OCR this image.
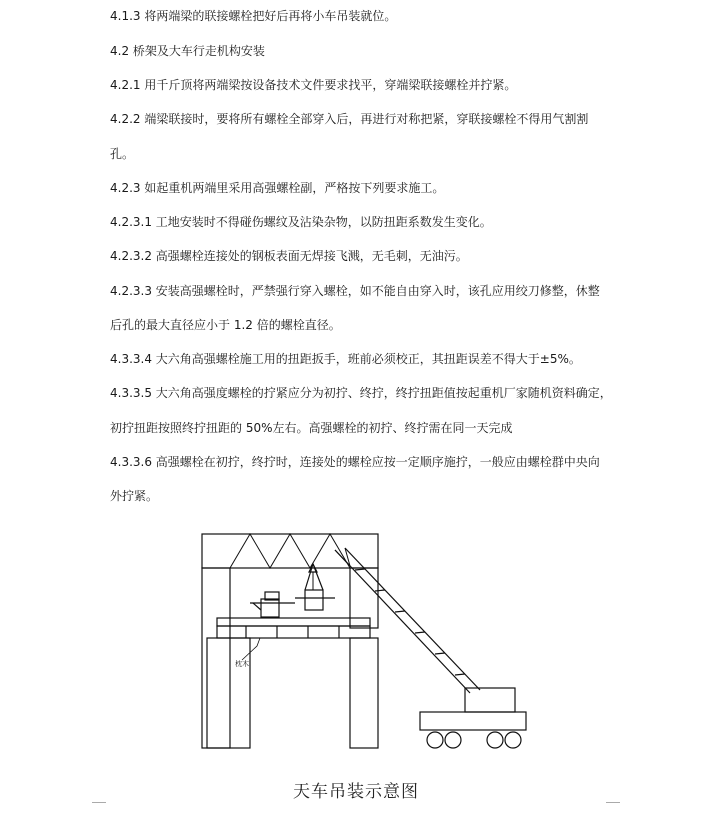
4.1.3 将两端梁的联接螺栓把好后再将小车吊装就位。
4.2 桥架及大车行走机构安装
4.2.1 用千斤顶将两端梁按设备技术文件要求找平，穿端梁联接螺栓并拧紧。
4.2.2 端梁联接时，要将所有螺栓全部穿入后，再进行对称把紧，穿联接螺栓不得用气割割
孔。
4.2.3 如起重机两端里采用高强螺栓副，严格按下列要求施工。
4.2.3.1 工地安装时不得碰伤螺纹及沾染杂物，以防扭距系数发生变化。
4.2.3.2 高强螺栓连接处的钢板表面无焊接飞溅，无毛刺，无油污。
4.2.3.3 安装高强螺栓时，严禁强行穿入螺栓，如不能自由穿入时，该孔应用绞刀修整，休整
后孔的最大直径应小于 1.2 倍的螺栓直径。
4.3.3.4 大六角高强螺栓施工用的扭距扳手，班前必须校正，其扭距误差不得大于±5%。
4.3.3.5 大六角高强度螺栓的拧紧应分为初拧、终拧，终拧扭距值按起重机厂家随机资料确定，
初拧扭距按照终拧扭距的 50%左右。高强螺栓的初拧、终拧需在同一天完成
4.3.3.6 高强螺栓在初拧，终拧时，连接处的螺栓应按一定顺序施拧，一般应由螺栓群中央向
外拧紧。
枕木
天车吊装示意图
